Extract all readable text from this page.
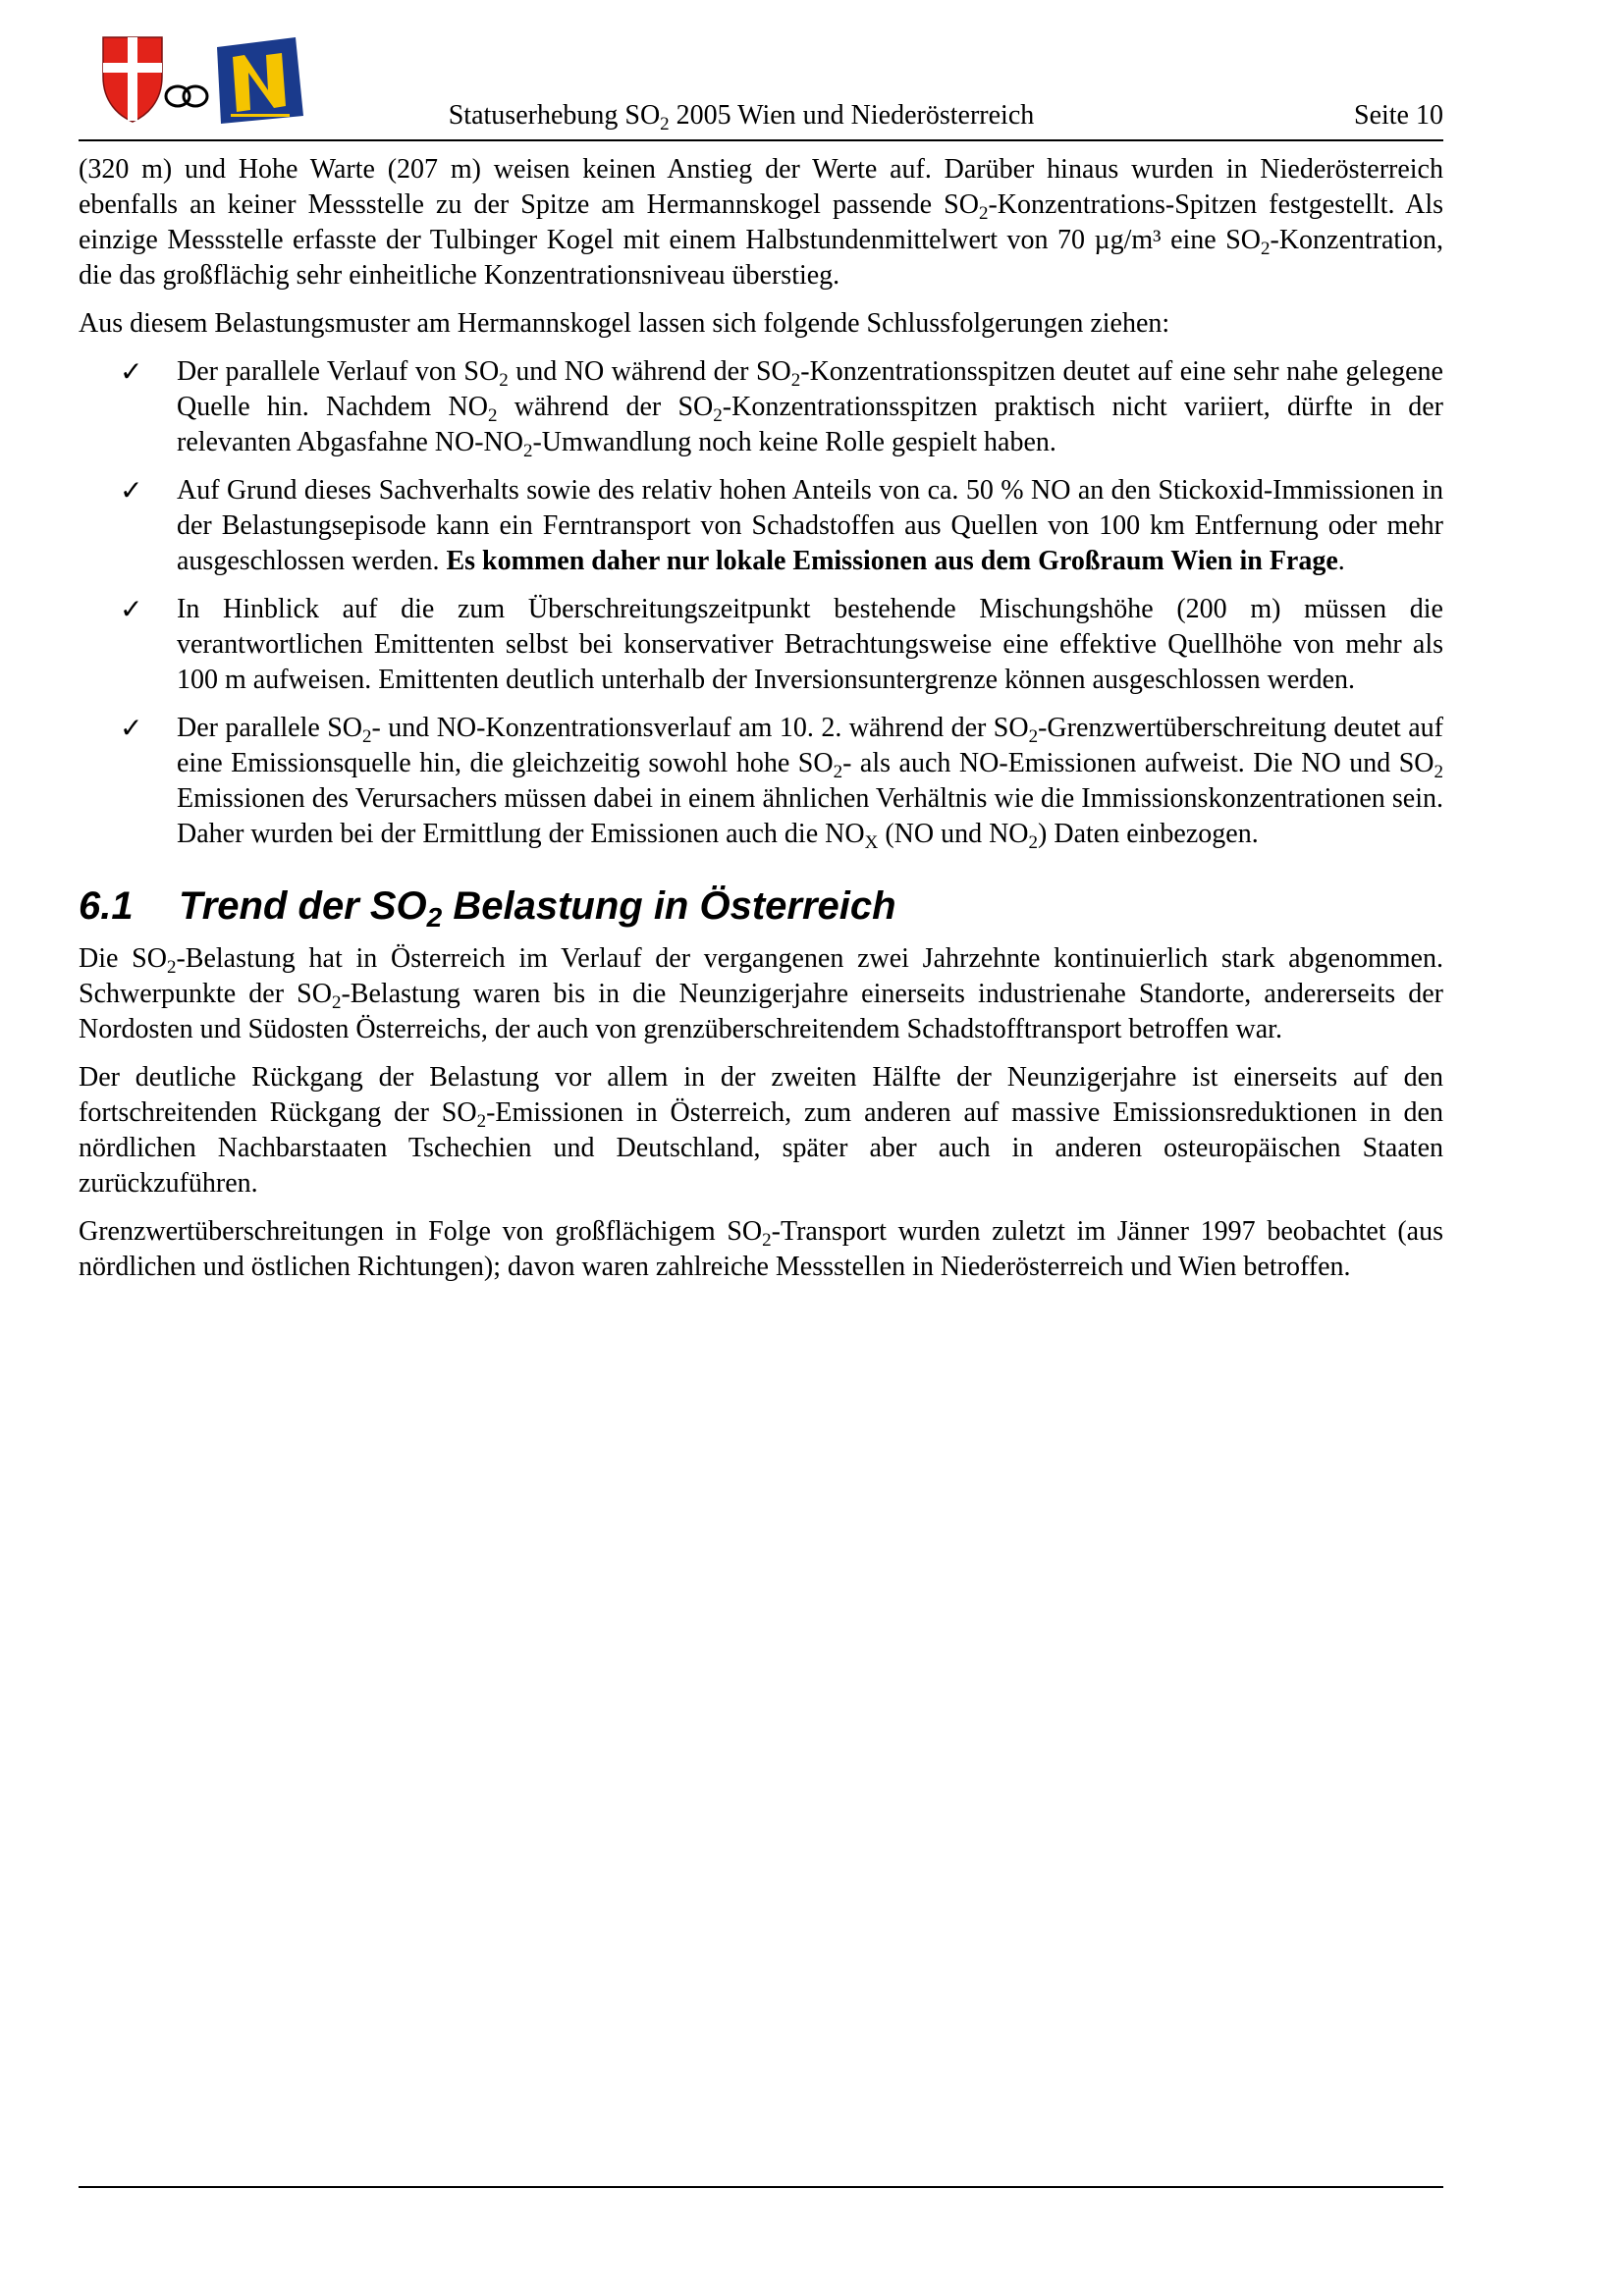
Statuserhebung $SO_2$ 2005 Wien und Niederösterreich	Seite 10

(320 m) und Hohe Warte (207 m) weisen keinen Anstieg der Werte auf. Darüber hinaus wurden in Niederösterreich ebenfalls an keiner Messstelle zu der Spitze am Hermannskogel passende $SO_2-Konzentrations$-Spitzen festgestellt. Als einzige Messstelle erfasste der Tulbinger Kogel mit einem Halbstundenmittelwert von 70 µg/m³ eine $SO_2$-Konzentration, die das großflächig sehr einheitliche Konzentrationsniveau überstieg.

Aus diesem Belastungsmuster am Hermannskogel lassen sich folgende Schlussfolgerungen ziehen:

✓ Der parallele Verlauf von $SO_2$ und NO während der $SO_2$-Konzentrationsspitzen deutet auf eine sehr nahe gelegene Quelle hin. Nachdem $NO_2$ während der $SO_2$-Konzentrationsspitzen praktisch nicht variiert, dürfte in der relevanten Abgasfahne $NO-NO_2$-Umwandlung noch keine Rolle gespielt haben.
✓ Auf Grund dieses Sachverhalts sowie des relativ hohen Anteils von ca. 50 % NO an den Stickoxid-Immissionen in der Belastungsepisode kann ein Ferntransport von Schadstoffen aus Quellen von 100 km Entfernung oder mehr ausgeschlossen werden. Es kommen daher nur lokale Emissionen aus dem Großraum Wien in Frage.
✓ In Hinblick auf die zum Überschreitungszeitpunkt bestehende Mischungshöhe (200 m) müssen die verantwortlichen Emittenten selbst bei konservativer Betrachtungsweise eine effektive Quellhöhe von mehr als 100 m aufweisen. Emittenten deutlich unterhalb der Inversionsuntergrenze können ausgeschlossen werden.
✓ Der parallele $SO_2-$ und NO-Konzentrationsverlauf am 10. 2. während der $SO_2$-Grenzwertüberschreitung deutet auf eine Emissionsquelle hin, die gleichzeitig sowohl hohe $SO_2-$ als auch NO-Emissionen aufweist. Die NO und $SO_2$ Emissionen des Verursachers müssen dabei in einem ähnlichen Verhältnis wie die Immissionskonzentrationen sein. Daher wurden bei der Ermittlung der Emissionen auch die $NO_X$ (NO und $NO_2$) Daten einbezogen.
6.1 Trend der $SO_2$ Belastung in Österreich

Die $SO_2$-Belastung hat in Österreich im Verlauf der vergangenen zwei Jahrzehnte kontinuierlich stark abgenommen. Schwerpunkte der $SO_2$-Belastung waren bis in die Neunzigerjahre einerseits industrienahe Standorte, andererseits der Nordosten und Südosten Österreichs, der auch von grenzüberschreitendem Schadstofftransport betroffen war.

Der deutliche Rückgang der Belastung vor allem in der zweiten Hälfte der Neunzigerjahre ist einerseits auf den fortschreitenden Rückgang der $SO_2$-Emissionen in Österreich, zum anderen auf massive Emissionsreduktionen in den nördlichen Nachbarstaaten Tschechien und Deutschland, später aber auch in anderen osteuropäischen Staaten zurückzuführen.

Grenzwertüberschreitungen in Folge von großflächigem $SO_2$-Transport wurden zuletzt im Jänner 1997 beobachtet (aus nördlichen und östlichen Richtungen); davon waren zahlreiche Messstellen in Niederösterreich und Wien betroffen.
